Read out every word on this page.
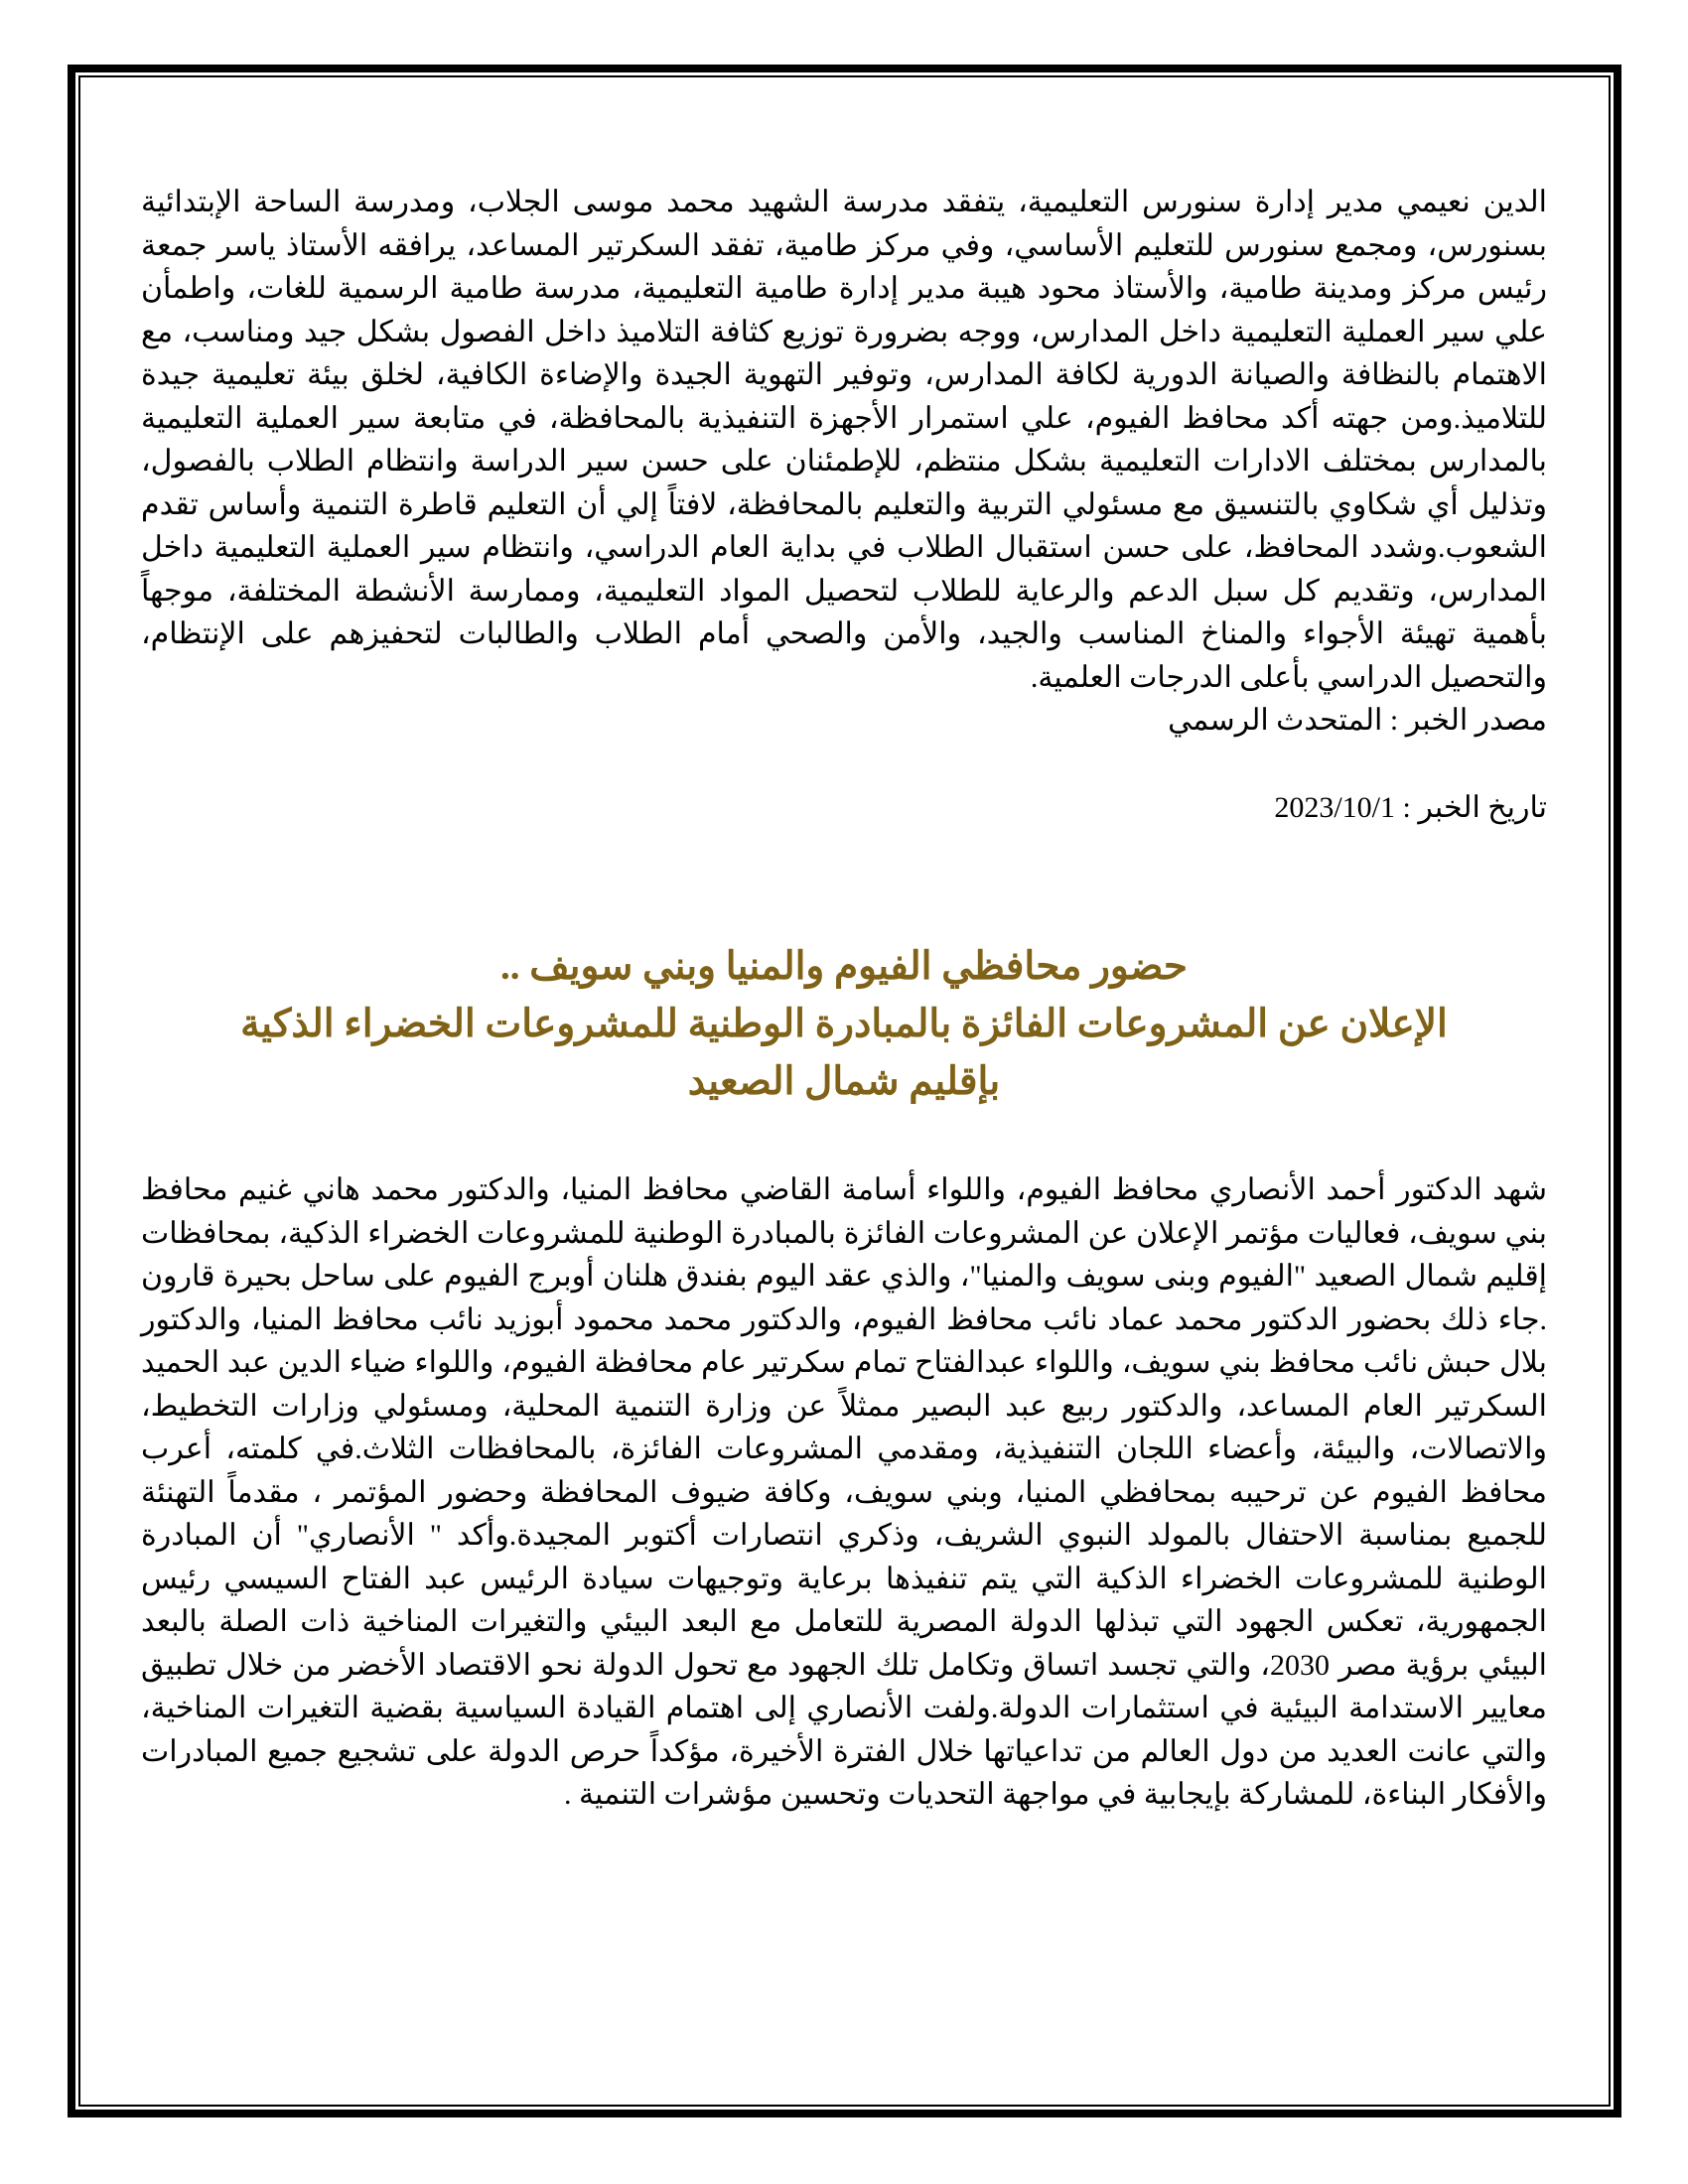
الدين نعيمي مدير إدارة سنورس التعليمية، يتفقد مدرسة الشهيد محمد موسى الجلاب، ومدرسة الساحة الإبتدائية بسنورس، ومجمع سنورس للتعليم الأساسي، وفي مركز طامية، تفقد السكرتير المساعد، يرافقه الأستاذ ياسر جمعة رئيس مركز ومدينة طامية، والأستاذ محود هيبة مدير إدارة طامية التعليمية، مدرسة طامية الرسمية للغات، واطمأن علي سير العملية التعليمية داخل المدارس، ووجه بضرورة توزيع كثافة التلاميذ داخل الفصول بشكل جيد ومناسب، مع الاهتمام بالنظافة والصيانة الدورية لكافة المدارس، وتوفير التهوية الجيدة والإضاءة الكافية، لخلق بيئة تعليمية جيدة للتلاميذ.ومن جهته أكد محافظ الفيوم، علي استمرار الأجهزة التنفيذية بالمحافظة، في متابعة سير العملية التعليمية بالمدارس بمختلف الادارات التعليمية بشكل منتظم، للإطمئنان على حسن سير الدراسة وانتظام الطلاب بالفصول، وتذليل أي شكاوي بالتنسيق مع مسئولي التربية والتعليم بالمحافظة، لافتاً إلي أن التعليم قاطرة التنمية وأساس تقدم الشعوب.وشدد المحافظ، على حسن استقبال الطلاب في بداية العام الدراسي، وانتظام سير العملية التعليمية داخل المدارس، وتقديم كل سبل الدعم والرعاية للطلاب لتحصيل المواد التعليمية، وممارسة الأنشطة المختلفة، موجهاً بأهمية تهيئة الأجواء والمناخ المناسب والجيد، والأمن والصحي أمام الطلاب والطالبات لتحفيزهم على الإنتظام، والتحصيل الدراسي بأعلى الدرجات العلمية.

مصدر الخبر : المتحدث الرسمي

تاريخ الخبر : 2023/10/1

حضور محافظي الفيوم والمنيا وبني سويف ..
الإعلان عن المشروعات الفائزة بالمبادرة الوطنية للمشروعات الخضراء الذكية
بإقليم شمال الصعيد

شهد الدكتور أحمد الأنصاري محافظ الفيوم، واللواء أسامة القاضي محافظ المنيا، والدكتور محمد هاني غنيم محافظ بني سويف، فعاليات مؤتمر الإعلان عن المشروعات الفائزة بالمبادرة الوطنية للمشروعات الخضراء الذكية، بمحافظات إقليم شمال الصعيد "الفيوم وبنى سويف والمنيا"، والذي عقد اليوم بفندق هلنان أوبرج الفيوم على ساحل بحيرة قارون .جاء ذلك بحضور الدكتور محمد عماد نائب محافظ الفيوم، والدكتور محمد محمود أبوزيد نائب محافظ المنيا، والدكتور بلال حبش نائب محافظ بني سويف، واللواء عبدالفتاح تمام سكرتير عام محافظة الفيوم، واللواء ضياء الدين عبد الحميد السكرتير العام المساعد، والدكتور ربيع عبد البصير ممثلاً عن وزارة التنمية المحلية، ومسئولي وزارات التخطيط، والاتصالات، والبيئة، وأعضاء اللجان التنفيذية، ومقدمي المشروعات الفائزة، بالمحافظات الثلاث.في كلمته، أعرب محافظ الفيوم عن ترحيبه بمحافظي المنيا، وبني سويف، وكافة ضيوف المحافظة وحضور المؤتمر ، مقدماً التهنئة للجميع بمناسبة الاحتفال بالمولد النبوي الشريف، وذكري انتصارات أكتوبر المجيدة.وأكد " الأنصاري" أن المبادرة الوطنية للمشروعات الخضراء الذكية التي يتم تنفيذها برعاية وتوجيهات سيادة الرئيس عبد الفتاح السيسي رئيس الجمهورية، تعكس الجهود التي تبذلها الدولة المصرية للتعامل مع البعد البيئي والتغيرات المناخية ذات الصلة بالبعد البيئي برؤية مصر 2030، والتي تجسد اتساق وتكامل تلك الجهود مع تحول الدولة نحو الاقتصاد الأخضر من خلال تطبيق معايير الاستدامة البيئية في استثمارات الدولة.ولفت الأنصاري إلى اهتمام القيادة السياسية بقضية التغيرات المناخية، والتي عانت العديد من دول العالم من تداعياتها خلال الفترة الأخيرة، مؤكداً حرص الدولة على تشجيع جميع المبادرات والأفكار البناءة، للمشاركة بإيجابية في مواجهة التحديات وتحسين مؤشرات التنمية .
